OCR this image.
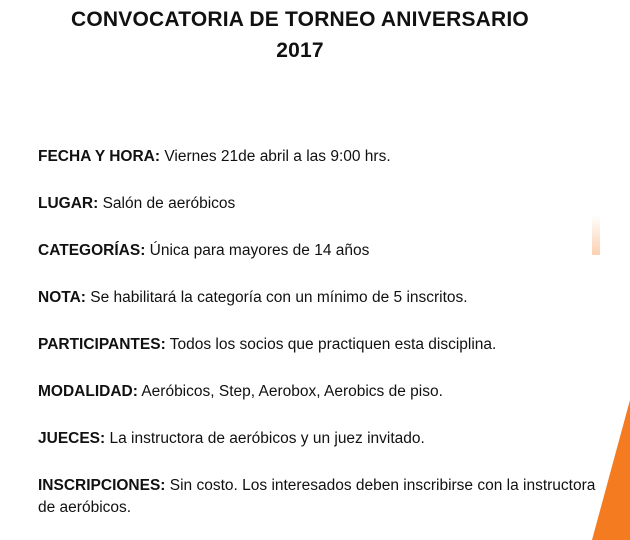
CONVOCATORIA DE TORNEO ANIVERSARIO
2017
FECHA Y HORA: Viernes 21de abril a las 9:00 hrs.
LUGAR: Salón de aeróbicos
CATEGORÍAS: Única para mayores de 14 años
NOTA: Se habilitará la categoría con un mínimo de 5 inscritos.
PARTICIPANTES: Todos los socios que practiquen esta disciplina.
MODALIDAD: Aeróbicos, Step, Aerobox, Aerobics de piso.
JUECES: La instructora de aeróbicos y un juez invitado.
INSCRIPCIONES: Sin costo. Los interesados deben inscribirse con la instructora de aeróbicos.
